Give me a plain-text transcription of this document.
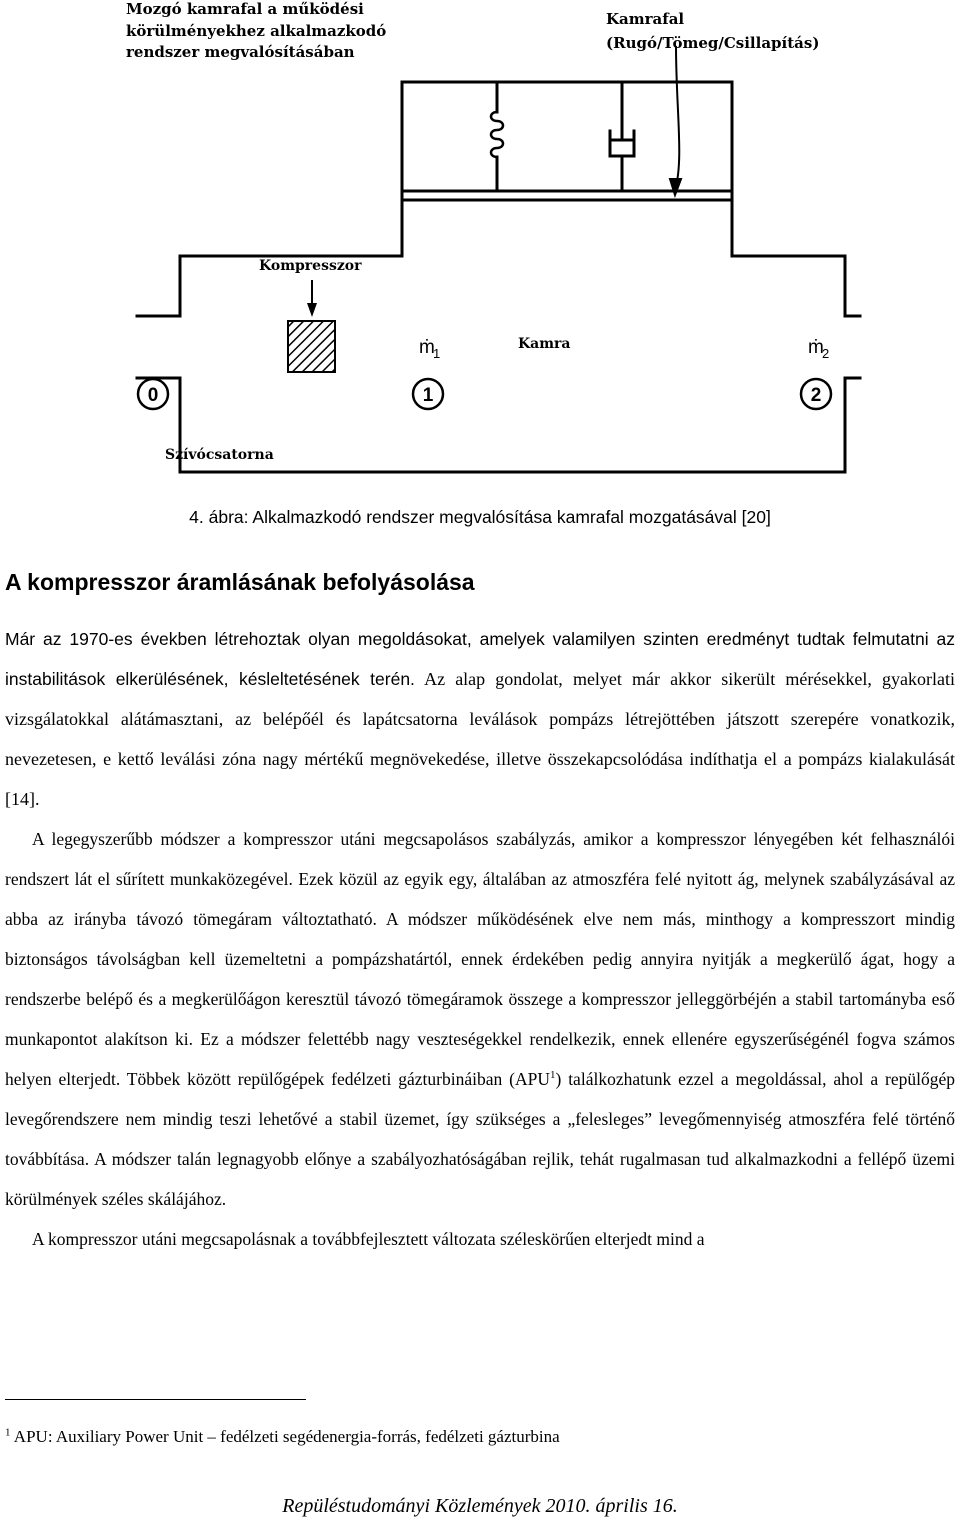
Mozgó kamrafal a működési körülményekhez alkalmazkodó rendszer megvalósításában
Kamrafal (Rugó/Tömeg/Csillapítás)
Kompresszor
ṁ
1
Kamra	ṁ
2
0	1	2
Szívócsatorna
4. ábra: Alkalmazkodó rendszer megvalósítása kamrafal mozgatásával [20]
A kompresszor áramlásának befolyásolása

Már az 1970-es években létrehoztak olyan megoldásokat, amelyek valamilyen szinten eredményt tudtak felmutatni az instabilitások elkerülésének, késleltetésének terén. Az alap gondolat, melyet már akkor sikerült mérésekkel, gyakorlati vizsgálatokkal alátámasztani, az belépőél és lapátcsatorna leválások pompázs létrejöttében játszott szerepére vonatkozik, nevezetesen, e kettő leválási zóna nagy mértékű megnövekedése, illetve összekapcsolódása indíthatja el a pompázs kialakulását [14].

A legegyszerűbb módszer a kompresszor utáni megcsapolásos szabályzás, amikor a kompresszor lényegében két felhasználói rendszert lát el sűrített munkaközegével. Ezek közül az egyik egy, általában az atmoszféra felé nyitott ág, melynek szabályzásával az abba az irányba távozó tömegáram változtatható. A módszer működésének elve nem más, minthogy a kompresszort mindig biztonságos távolságban kell üzemeltetni a pompázshatártól, ennek érdekében pedig annyira nyitják a megkerülő ágat, hogy a rendszerbe belépő és a megkerülőágon keresztül távozó tömegáramok összege a kompresszor jelleggörbéjén a stabil tartományba eső munkapontot alakítson ki. Ez a módszer felettébb nagy veszteségekkel rendelkezik, ennek ellenére egyszerűségénél fogva számos helyen elterjedt. Többek között repülőgépek fedélzeti gázturbináiban (APU$^1$) találkozhatunk ezzel a megoldással, ahol a repülőgép levegőrendszere nem mindig teszi lehetővé a stabil üzemet, így szükséges a „felesleges” levegőmennyiség atmoszféra felé történő továbbítása. A módszer talán legnagyobb előnye a szabályozhatóságában rejlik, tehát rugalmasan tud alkalmazkodni a fellépő üzemi körülmények széles skálájához.

A kompresszor utáni megcsapolásnak a továbbfejlesztett változata széleskörűen elterjedt mind a

$^1$ APU: Auxiliary Power Unit – fedélzeti segédenergia-forrás, fedélzeti gázturbina
Repüléstudományi Közlemények 2010. április 16.
